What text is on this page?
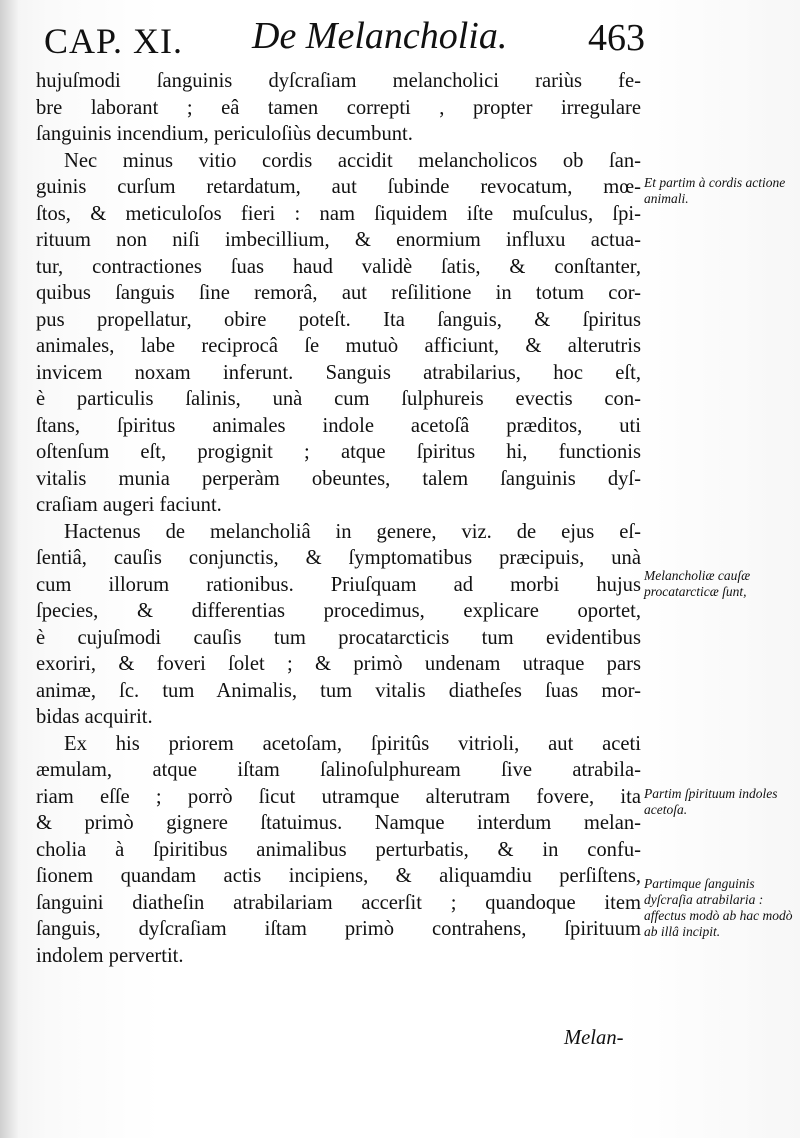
CAP. XI. De Melancholia. 463
hujuſmodi ſanguinis dyſcraſiam melancholici rariùs fe-
bre laborant ; eâ tamen correpti , propter irregulare
ſanguinis incendium, periculoſiùs decumbunt.
Nec minus vitio cordis accidit melancholicos ob ſan-
guinis curſum retardatum, aut ſubinde revocatum, mœ-
ſtos, & meticuloſos fieri : nam ſiquidem iſte muſculus, ſpi-
rituum non niſi imbecillium, & enormium influxu actua-
tur, contractiones ſuas haud validè ſatis, & conſtanter,
quibus ſanguis ſine remorâ, aut reſilitione in totum cor-
pus propellatur, obire poteſt. Ita ſanguis, & ſpiritus
animales, labe reciprocâ ſe mutuò afficiunt, & alterutris
invicem noxam inferunt. Sanguis atrabilarius, hoc eſt,
è particulis ſalinis, unà cum ſulphureis evectis con-
ſtans, ſpiritus animales indole acetoſâ præditos, uti
oſtenſum eſt, progignit ; atque ſpiritus hi, functionis
vitalis munia perperàm obeuntes, talem ſanguinis dyſ-
craſiam augeri faciunt.
Hactenus de melancholiâ in genere, viz. de ejus eſ-
ſentiâ, cauſis conjunctis, & ſymptomatibus præcipuis, unà
cum illorum rationibus. Priuſquam ad morbi hujus
ſpecies, & differentias procedimus, explicare oportet,
è cujuſmodi cauſis tum procatarcticis tum evidentibus
exoriri, & foveri ſolet ; & primò undenam utraque pars
animæ, ſc. tum Animalis, tum vitalis diatheſes ſuas mor-
bidas acquirit.
Ex his priorem acetoſam, ſpiritûs vitrioli, aut aceti
æmulam, atque iſtam ſalinoſulphuream ſive atrabila-
riam eſſe ; porrò ſicut utramque alterutram fovere, ita
& primò gignere ſtatuimus. Namque interdum melan-
cholia à ſpiritibus animalibus perturbatis, & in confu-
ſionem quandam actis incipiens, & aliquamdiu perſiſtens,
ſanguini diatheſin atrabilariam accerſit ; quandoque item
ſanguis, dyſcraſiam iſtam primò contrahens, ſpirituum
indolem pervertit.
Et partim à cordis actione animali.
Melancholiæ cauſæ procatarcticæ ſunt,
Partim ſpirituum indoles acetoſa.
Partimque ſanguinis dyſcraſia atrabilaria : affectus modò ab hac modò ab illâ incipit.
Melan-
